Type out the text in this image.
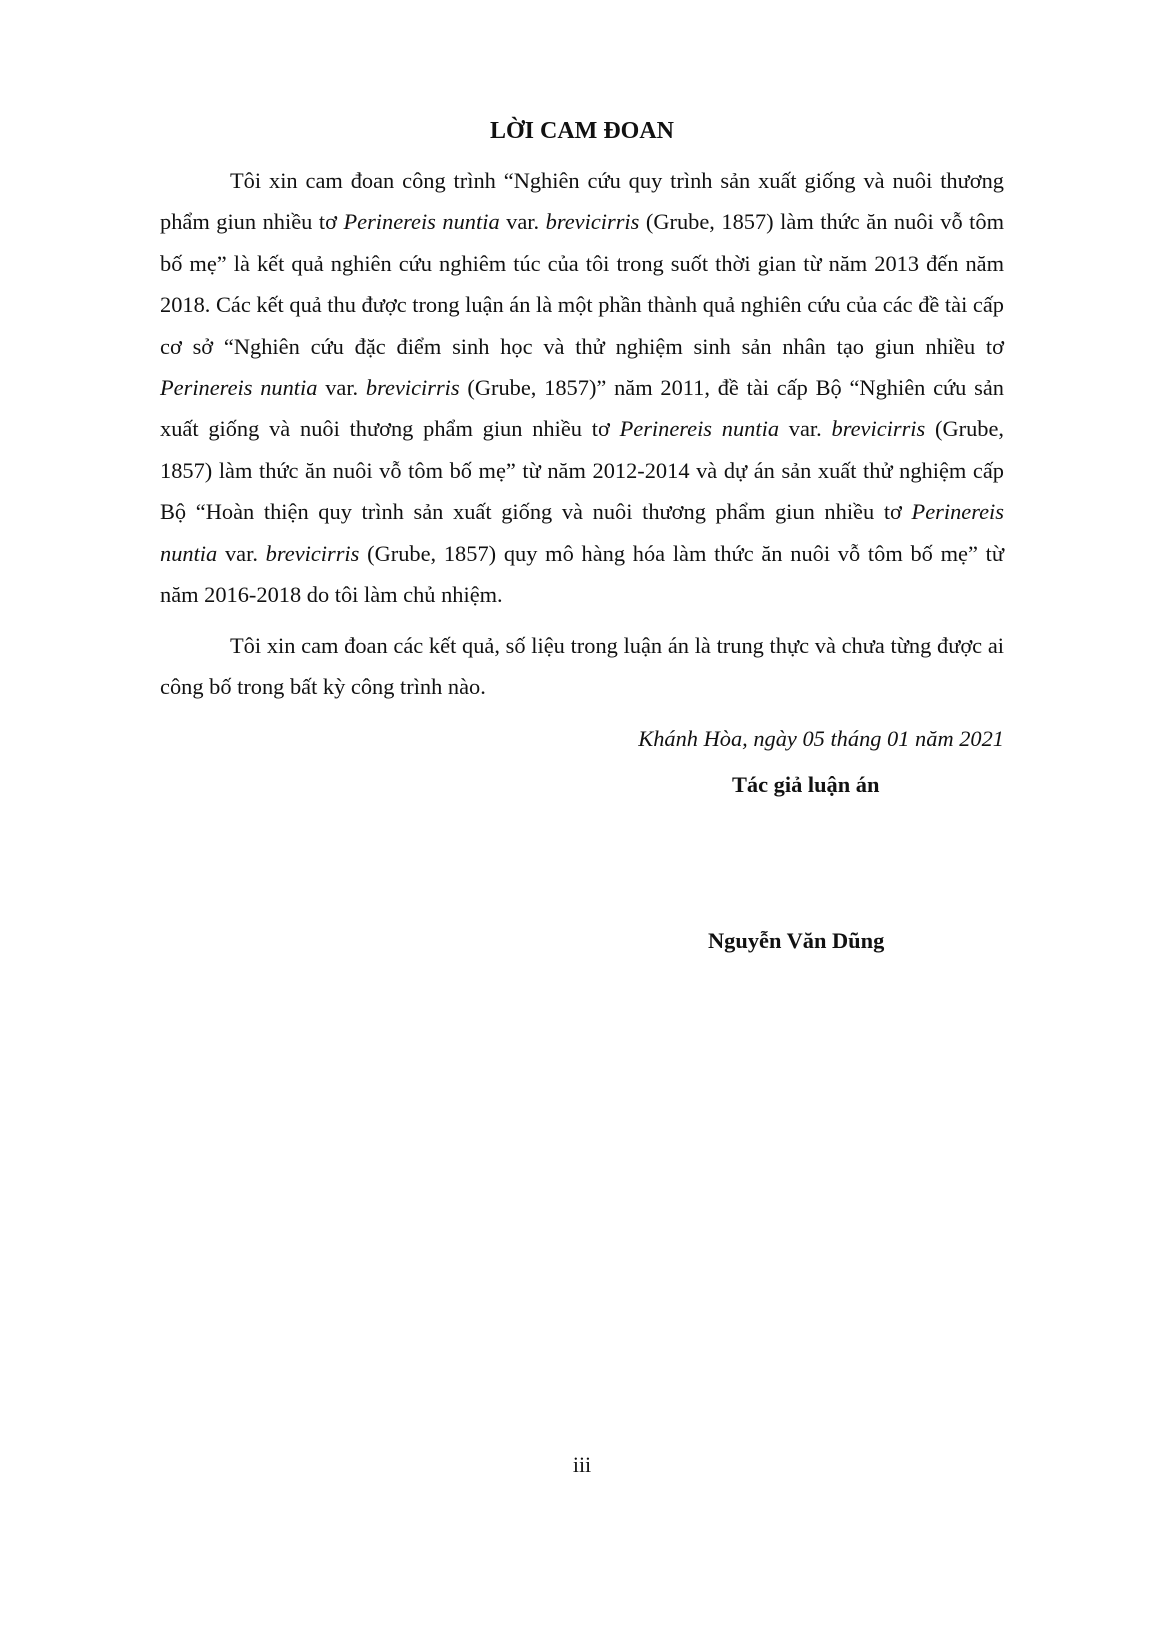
LỜI CAM ĐOAN

Tôi xin cam đoan công trình “Nghiên cứu quy trình sản xuất giống và nuôi thương phẩm giun nhiều tơ Perinereis nuntia var. brevicirris (Grube, 1857) làm thức ăn nuôi vỗ tôm bố mẹ” là kết quả nghiên cứu nghiêm túc của tôi trong suốt thời gian từ năm 2013 đến năm 2018. Các kết quả thu được trong luận án là một phần thành quả nghiên cứu của các đề tài cấp cơ sở “Nghiên cứu đặc điểm sinh học và thử nghiệm sinh sản nhân tạo giun nhiều tơ Perinereis nuntia var. brevicirris (Grube, 1857)” năm 2011, đề tài cấp Bộ “Nghiên cứu sản xuất giống và nuôi thương phẩm giun nhiều tơ Perinereis nuntia var. brevicirris (Grube, 1857) làm thức ăn nuôi vỗ tôm bố mẹ” từ năm 2012-2014 và dự án sản xuất thử nghiệm cấp Bộ “Hoàn thiện quy trình sản xuất giống và nuôi thương phẩm giun nhiều tơ Perinereis nuntia var. brevicirris (Grube, 1857) quy mô hàng hóa làm thức ăn nuôi vỗ tôm bố mẹ” từ năm 2016-2018 do tôi làm chủ nhiệm.

Tôi xin cam đoan các kết quả, số liệu trong luận án là trung thực và chưa từng được ai công bố trong bất kỳ công trình nào.

Khánh Hòa, ngày 05 tháng 01 năm 2021

Tác giả luận án

Nguyễn Văn Dũng

iii
